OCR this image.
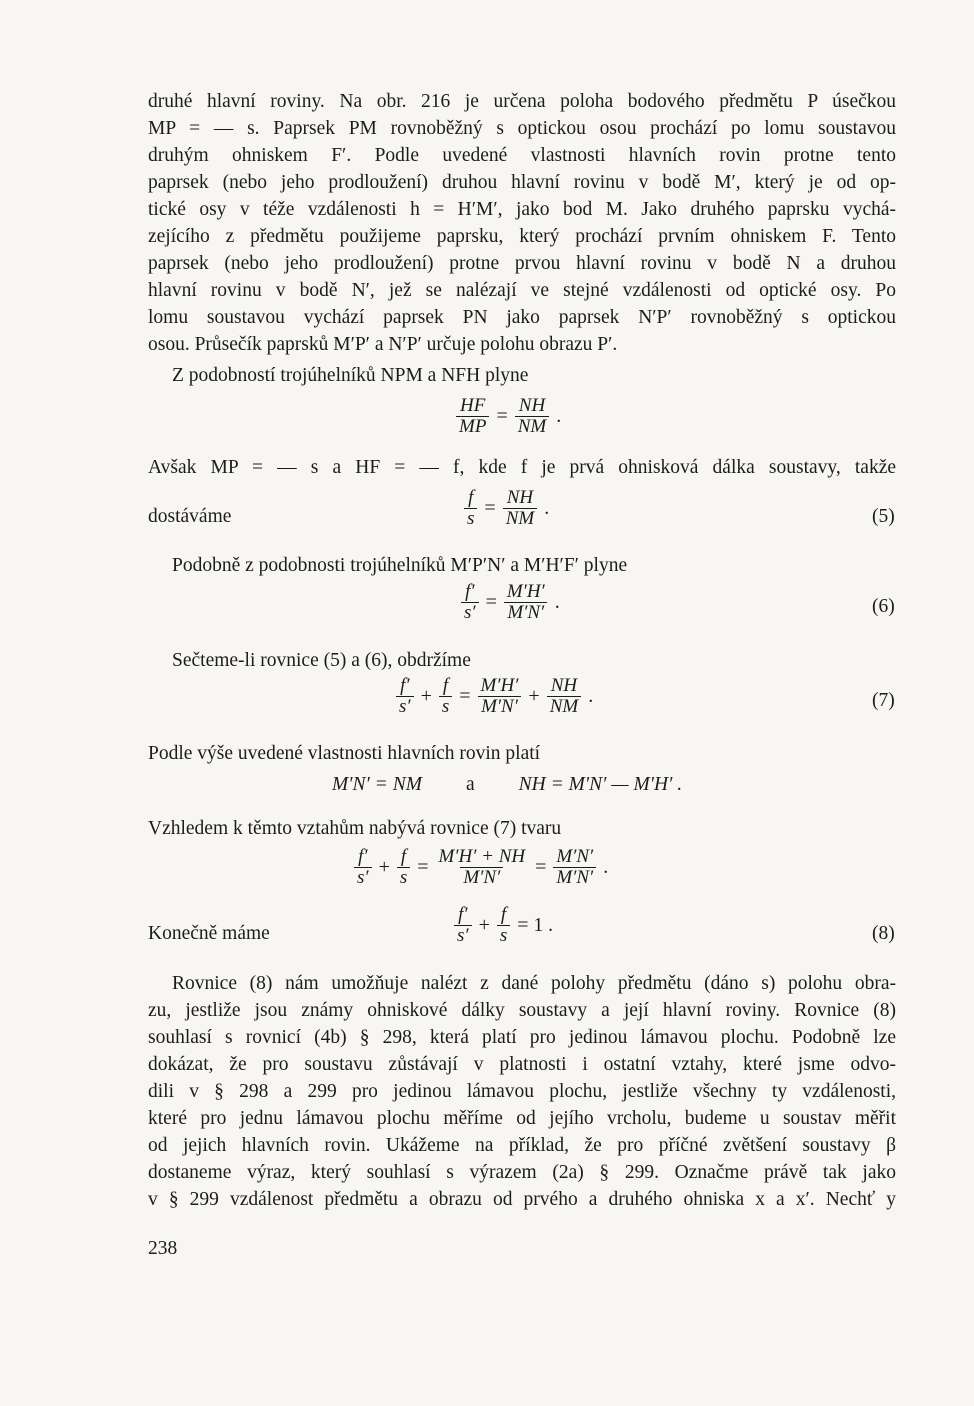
druhé hlavní roviny. Na obr. 216 je určena poloha bodového předmětu P úsečkou
MP = — s. Paprsek PM rovnoběžný s optickou osou prochází po lomu soustavou
druhým ohniskem F′. Podle uvedené vlastnosti hlavních rovin protne tento
paprsek (nebo jeho prodloužení) druhou hlavní rovinu v bodě M′, který je od op-
tické osy v téže vzdálenosti h = H′M′, jako bod M. Jako druhého paprsku vychá-
zejícího z předmětu použijeme paprsku, který prochází prvním ohniskem F. Tento
paprsek (nebo jeho prodloužení) protne prvou hlavní rovinu v bodě N a druhou
hlavní rovinu v bodě N′, jež se nalézají ve stejné vzdálenosti od optické osy. Po
lomu soustavou vychází paprsek PN jako paprsek N′P′ rovnoběžný s optickou
osou. Průsečík paprsků M′P′ a N′P′ určuje polohu obrazu P′.
Z podobností trojúhelníků NPM a NFH plyne
$\frac{HF}{MP} = \frac{NH}{NM}$ .
Avšak MP = — s a HF = — f, kde f je prvá ohnisková dálka soustavy, takže
dostáváme	$\frac{f}{s} = \frac{NH}{NM}$ .	(5)
Podobně z podobnosti trojúhelníků M′P′N′ a M′H′F′ plyne
$\frac{f'}{s'} = \frac{M'H'}{M'N'}$ .	(6)
Sečteme-li rovnice (5) a (6), obdržíme
$\frac{f'}{s'} + \frac{f}{s} = \frac{M'H'}{M'N'} + \frac{NH}{NM}$ .	(7)
Podle výše uvedené vlastnosti hlavních rovin platí
M′N′ = NM a NH = M′N′ — M′H′ .
Vzhledem k těmto vztahům nabývá rovnice (7) tvaru
$\frac{f'}{s'} + \frac{f}{s} = \frac{M'H' + NH}{M'N'} = \frac{M'N'}{M'N'}$ .
Konečně máme	$\frac{f'}{s'} + \frac{f}{s} = 1$ .	(8)
Rovnice (8) nám umožňuje nalézt z dané polohy předmětu (dáno s) polohu obra-
zu, jestliže jsou známy ohniskové dálky soustavy a její hlavní roviny. Rovnice (8)
souhlasí s rovnicí (4b) § 298, která platí pro jedinou lámavou plochu. Podobně lze
dokázat, že pro soustavu zůstávají v platnosti i ostatní vztahy, které jsme odvo-
dili v § 298 a 299 pro jedinou lámavou plochu, jestliže všechny ty vzdálenosti,
které pro jednu lámavou plochu měříme od jejího vrcholu, budeme u soustav měřit
od jejich hlavních rovin. Ukážeme na příklad, že pro příčné zvětšení soustavy β
dostaneme výraz, který souhlasí s výrazem (2a) § 299. Označme právě tak jako
v § 299 vzdálenost předmětu a obrazu od prvého a druhého ohniska x a x′. Nechť y
238
